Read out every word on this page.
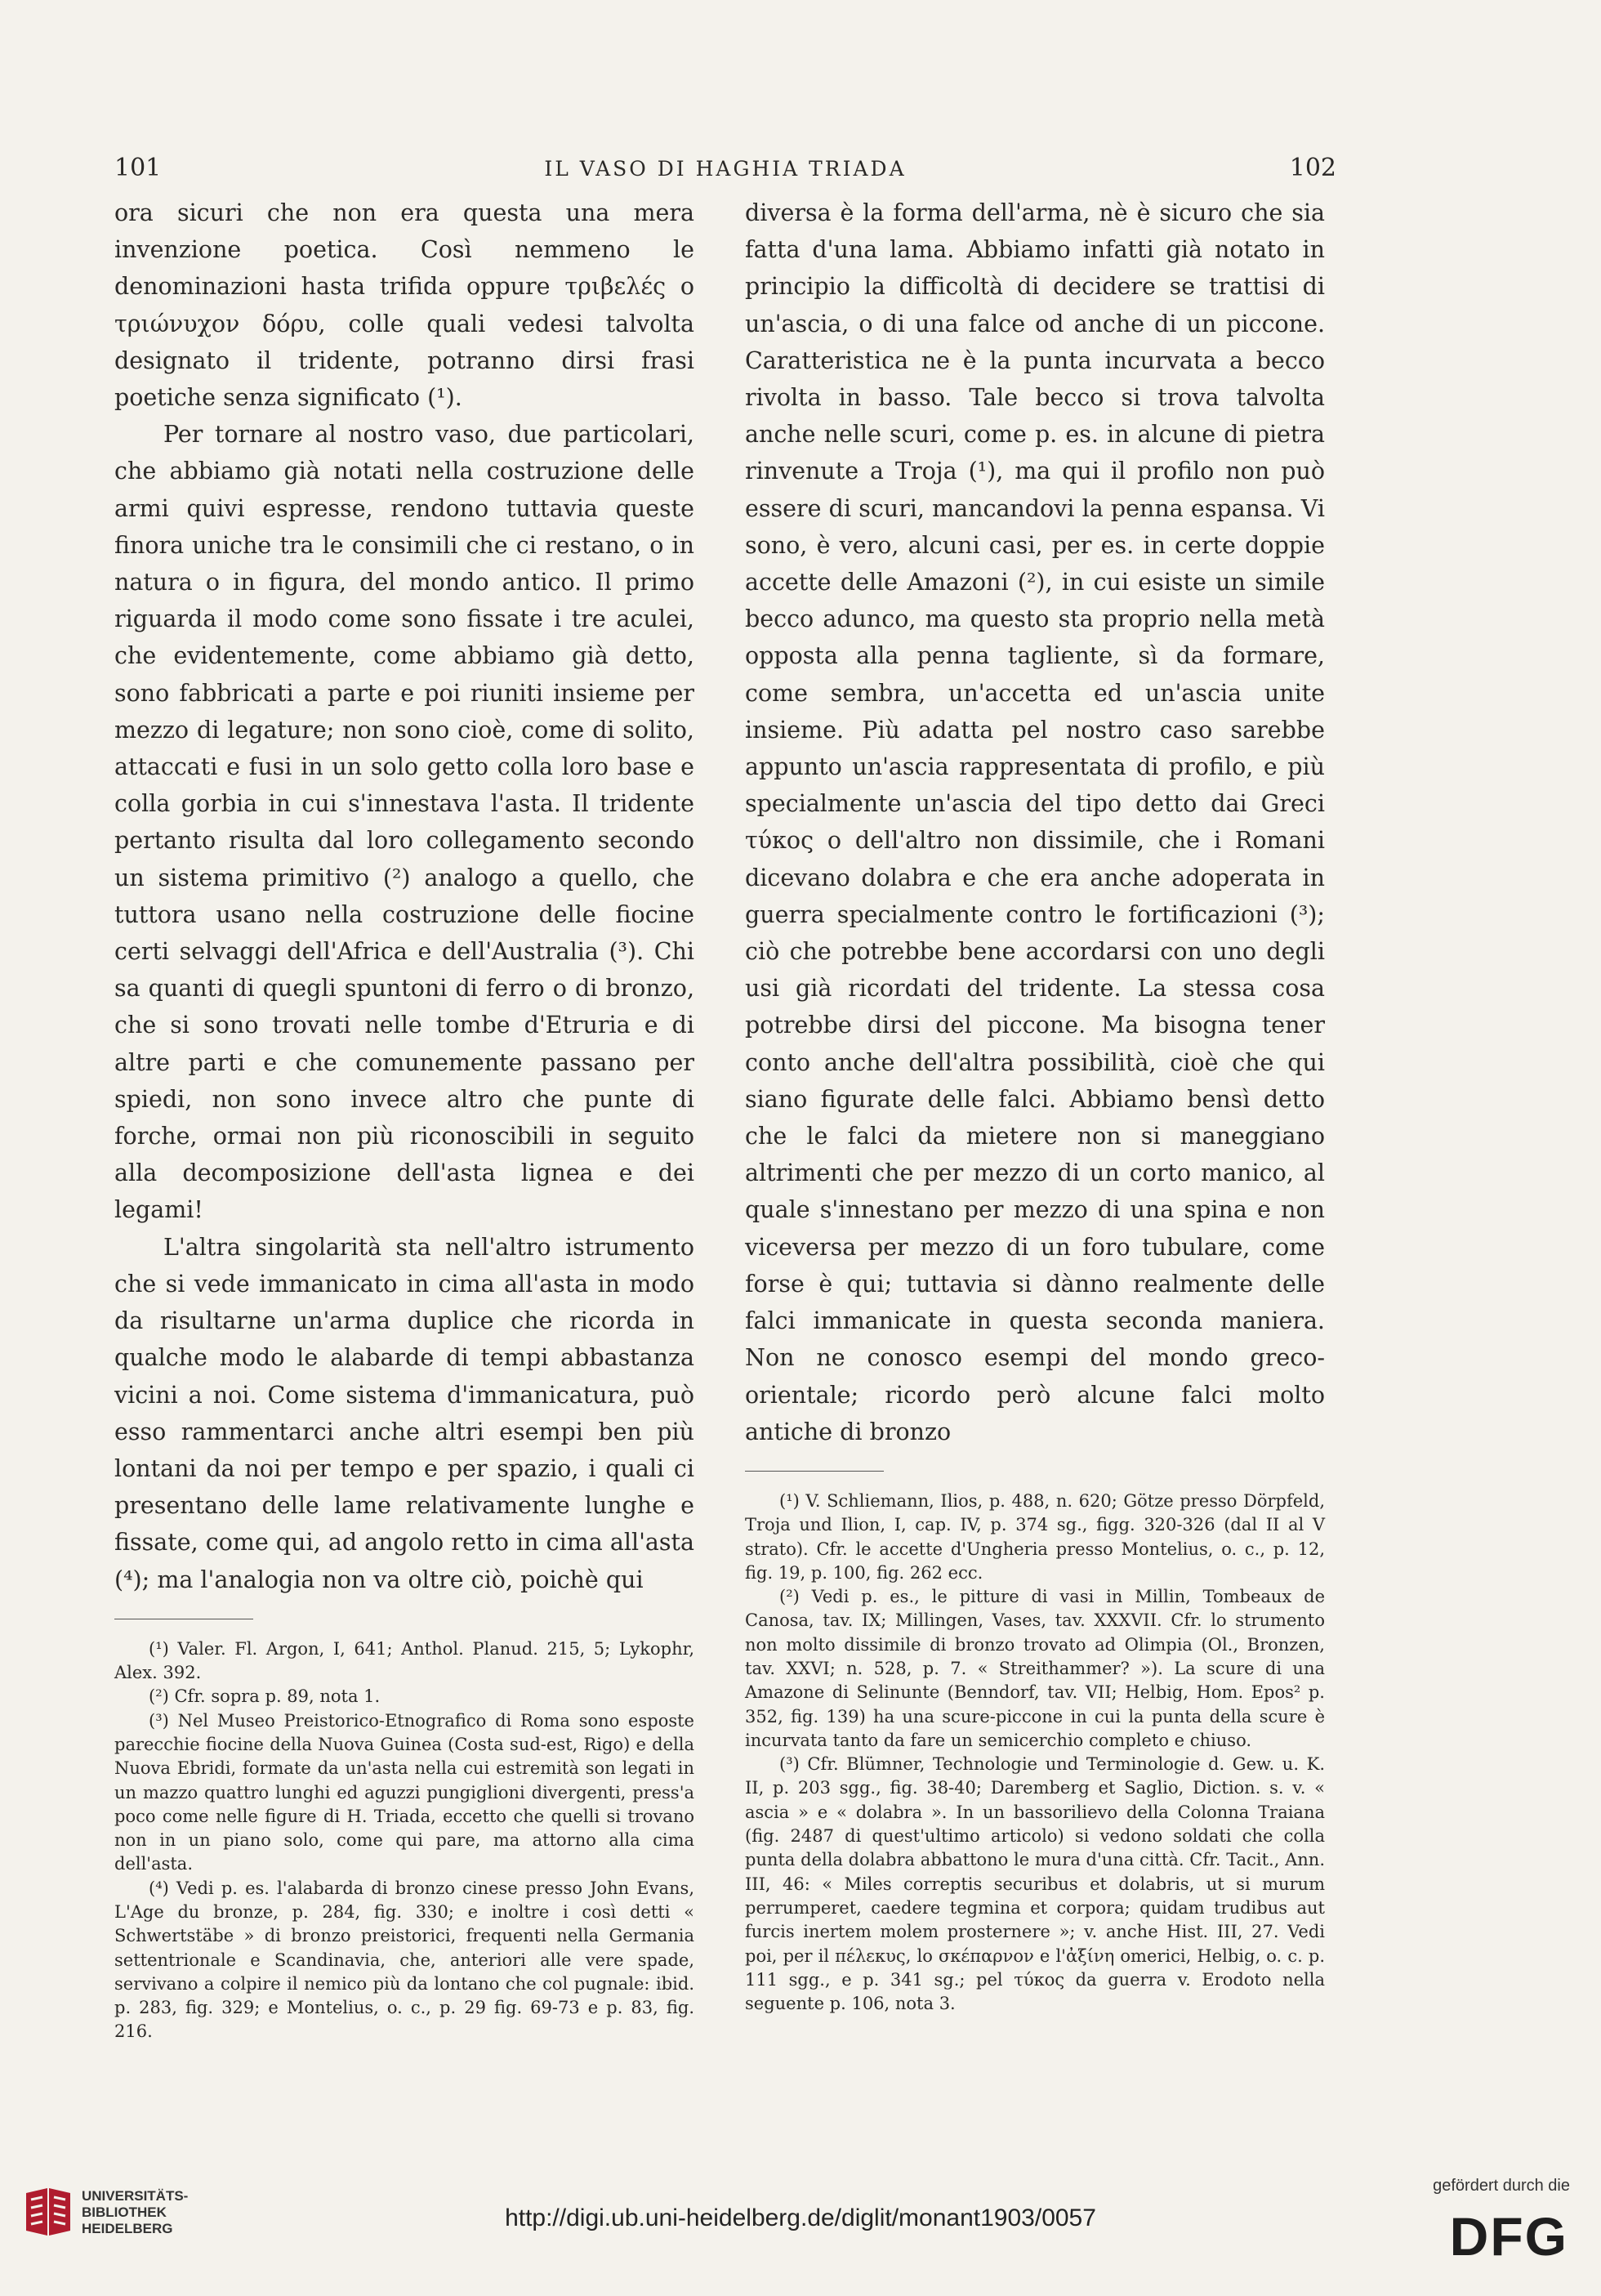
101	IL VASO DI HAGHIA TRIADA	102

ora sicuri che non era questa una mera invenzione poetica. Così nemmeno le denominazioni hasta trifida oppure τριβελές o τριώνυχον δόρυ, colle quali vedesi talvolta designato il tridente, potranno dirsi frasi poetiche senza significato (¹).

Per tornare al nostro vaso, due particolari, che abbiamo già notati nella costruzione delle armi quivi espresse, rendono tuttavia queste finora uniche tra le consimili che ci restano, o in natura o in figura, del mondo antico. Il primo riguarda il modo come sono fissate i tre aculei, che evidentemente, come abbiamo già detto, sono fabbricati a parte e poi riuniti insieme per mezzo di legature; non sono cioè, come di solito, attaccati e fusi in un solo getto colla loro base e colla gorbia in cui s'innestava l'asta. Il tridente pertanto risulta dal loro collegamento secondo un sistema primitivo (²) analogo a quello, che tuttora usano nella costruzione delle fiocine certi selvaggi dell'Africa e dell'Australia (³). Chi sa quanti di quegli spuntoni di ferro o di bronzo, che si sono trovati nelle tombe d'Etruria e di altre parti e che comunemente passano per spiedi, non sono invece altro che punte di forche, ormai non più riconoscibili in seguito alla decomposizione dell'asta lignea e dei legami!

L'altra singolarità sta nell'altro istrumento che si vede immanicato in cima all'asta in modo da risultarne un'arma duplice che ricorda in qualche modo le alabarde di tempi abbastanza vicini a noi. Come sistema d'immanicatura, può esso rammentarci anche altri esempi ben più lontani da noi per tempo e per spazio, i quali ci presentano delle lame relativamente lunghe e fissate, come qui, ad angolo retto in cima all'asta (⁴); ma l'analogia non va oltre ciò, poichè qui

(¹) Valer. Fl. Argon, I, 641; Anthol. Planud. 215, 5; Lykophr, Alex. 392.

(²) Cfr. sopra p. 89, nota 1.

(³) Nel Museo Preistorico-Etnografico di Roma sono esposte parecchie fiocine della Nuova Guinea (Costa sud-est, Rigo) e della Nuova Ebridi, formate da un'asta nella cui estremità son legati in un mazzo quattro lunghi ed aguzzi pungiglioni divergenti, press'a poco come nelle figure di H. Triada, eccetto che quelli si trovano non in un piano solo, come qui pare, ma attorno alla cima dell'asta.

(⁴) Vedi p. es. l'alabarda di bronzo cinese presso John Evans, L'Age du bronze, p. 284, fig. 330; e inoltre i così detti « Schwertstäbe » di bronzo preistorici, frequenti nella Germania settentrionale e Scandinavia, che, anteriori alle vere spade, servivano a colpire il nemico più da lontano che col pugnale: ibid. p. 283, fig. 329; e Montelius, o. c., p. 29 fig. 69-73 e p. 83, fig. 216.

diversa è la forma dell'arma, nè è sicuro che sia fatta d'una lama. Abbiamo infatti già notato in principio la difficoltà di decidere se trattisi di un'ascia, o di una falce od anche di un piccone. Caratteristica ne è la punta incurvata a becco rivolta in basso. Tale becco si trova talvolta anche nelle scuri, come p. es. in alcune di pietra rinvenute a Troja (¹), ma qui il profilo non può essere di scuri, mancandovi la penna espansa. Vi sono, è vero, alcuni casi, per es. in certe doppie accette delle Amazoni (²), in cui esiste un simile becco adunco, ma questo sta proprio nella metà opposta alla penna tagliente, sì da formare, come sembra, un'accetta ed un'ascia unite insieme. Più adatta pel nostro caso sarebbe appunto un'ascia rappresentata di profilo, e più specialmente un'ascia del tipo detto dai Greci τύκος o dell'altro non dissimile, che i Romani dicevano dolabra e che era anche adoperata in guerra specialmente contro le fortificazioni (³); ciò che potrebbe bene accordarsi con uno degli usi già ricordati del tridente. La stessa cosa potrebbe dirsi del piccone. Ma bisogna tener conto anche dell'altra possibilità, cioè che qui siano figurate delle falci. Abbiamo bensì detto che le falci da mietere non si maneggiano altrimenti che per mezzo di un corto manico, al quale s'innestano per mezzo di una spina e non viceversa per mezzo di un foro tubulare, come forse è qui; tuttavia si dànno realmente delle falci immanicate in questa seconda maniera. Non ne conosco esempi del mondo greco-orientale; ricordo però alcune falci molto antiche di bronzo

(¹) V. Schliemann, Ilios, p. 488, n. 620; Götze presso Dörpfeld, Troja und Ilion, I, cap. IV, p. 374 sg., figg. 320-326 (dal II al V strato). Cfr. le accette d'Ungheria presso Montelius, o. c., p. 12, fig. 19, p. 100, fig. 262 ecc.

(²) Vedi p. es., le pitture di vasi in Millin, Tombeaux de Canosa, tav. IX; Millingen, Vases, tav. XXXVII. Cfr. lo strumento non molto dissimile di bronzo trovato ad Olimpia (Ol., Bronzen, tav. XXVI; n. 528, p. 7. « Streithammer? »). La scure di una Amazone di Selinunte (Benndorf, tav. VII; Helbig, Hom. Epos² p. 352, fig. 139) ha una scure-piccone in cui la punta della scure è incurvata tanto da fare un semicerchio completo e chiuso.

(³) Cfr. Blümner, Technologie und Terminologie d. Gew. u. K. II, p. 203 sgg., fig. 38-40; Daremberg et Saglio, Diction. s. v. « ascia » e « dolabra ». In un bassorilievo della Colonna Traiana (fig. 2487 di quest'ultimo articolo) si vedono soldati che colla punta della dolabra abbattono le mura d'una città. Cfr. Tacit., Ann. III, 46: « Miles correptis securibus et dolabris, ut si murum perrumperet, caedere tegmina et corpora; quidam trudibus aut furcis inertem molem prosternere »; v. anche Hist. III, 27. Vedi poi, per il πέλεκυς, lo σκέπαρνον e l'ἀξίνη omerici, Helbig, o. c. p. 111 sgg., e p. 341 sg.; pel τύκος da guerra v. Erodoto nella seguente p. 106, nota 3.

UNIVERSITÄTS-
BIBLIOTHEK
HEIDELBERG	http://digi.ub.uni-heidelberg.de/diglit/monant1903/0057
gefördert durch die
DFG
